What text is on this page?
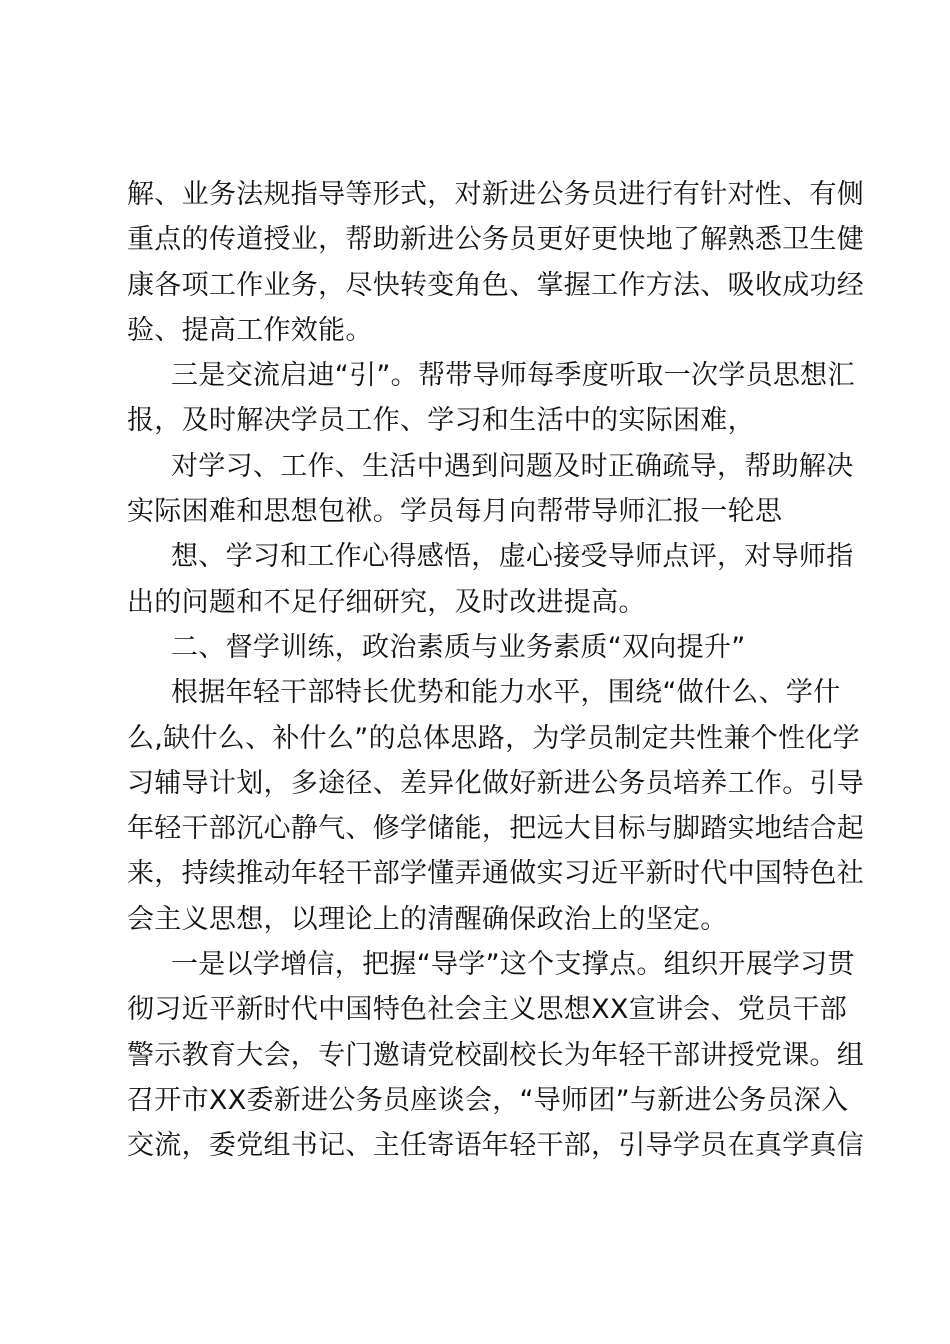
解、业务法规指导等形式，对新进公务员进行有针对性、有侧
重点的传道授业，帮助新进公务员更好更快地了解熟悉卫生健
康各项工作业务，尽快转变角色、掌握工作方法、吸收成功经
验、提高工作效能。
三是交流启迪“引”。帮带导师每季度听取一次学员思想汇
报，及时解决学员工作、学习和生活中的实际困难，
对学习、工作、生活中遇到问题及时正确疏导，帮助解决
实际困难和思想包袱。学员每月向帮带导师汇报一轮思
想、学习和工作心得感悟，虚心接受导师点评，对导师指
出的问题和不足仔细研究，及时改进提高。
二、督学训练，政治素质与业务素质“双向提升”
根据年轻干部特长优势和能力水平，围绕“做什么、学什
么,缺什么、补什么”的总体思路，为学员制定共性兼个性化学
习辅导计划，多途径、差异化做好新进公务员培养工作。引导
年轻干部沉心静气、修学储能，把远大目标与脚踏实地结合起
来，持续推动年轻干部学懂弄通做实习近平新时代中国特色社
会主义思想，以理论上的清醒确保政治上的坚定。
一是以学增信，把握“导学”这个支撑点。组织开展学习贯
彻习近平新时代中国特色社会主义思想XX宣讲会、党员干部
警示教育大会，专门邀请党校副校长为年轻干部讲授党课。组
召开市XX委新进公务员座谈会，“导师团”与新进公务员深入
交流，委党组书记、主任寄语年轻干部，引导学员在真学真信
